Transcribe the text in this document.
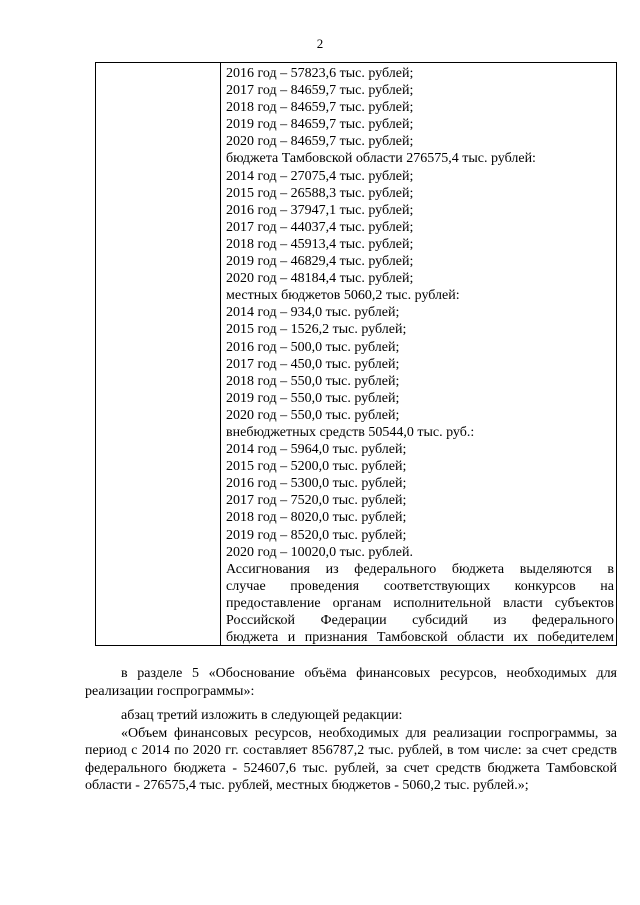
2
2016 год – 57823,6 тыс. рублей;
2017 год – 84659,7 тыс. рублей;
2018 год – 84659,7 тыс. рублей;
2019 год – 84659,7 тыс. рублей;
2020 год – 84659,7 тыс. рублей;
бюджета Тамбовской области 276575,4 тыс. рублей:
2014 год – 27075,4 тыс. рублей;
2015 год – 26588,3 тыс. рублей;
2016 год – 37947,1 тыс. рублей;
2017 год – 44037,4 тыс. рублей;
2018 год – 45913,4 тыс. рублей;
2019 год – 46829,4 тыс. рублей;
2020 год – 48184,4 тыс. рублей;
местных бюджетов 5060,2 тыс. рублей:
2014 год – 934,0 тыс. рублей;
2015 год – 1526,2 тыс. рублей;
2016 год – 500,0 тыс. рублей;
2017 год – 450,0 тыс. рублей;
2018 год – 550,0 тыс. рублей;
2019 год – 550,0 тыс. рублей;
2020 год – 550,0 тыс. рублей;
внебюджетных средств 50544,0 тыс. руб.:
2014 год – 5964,0 тыс. рублей;
2015 год – 5200,0 тыс. рублей;
2016 год – 5300,0 тыс. рублей;
2017 год – 7520,0 тыс. рублей;
2018 год – 8020,0 тыс. рублей;
2019 год – 8520,0 тыс. рублей;
2020 год – 10020,0 тыс. рублей.
Ассигнования из федерального бюджета выделяются в
случае проведения соответствующих конкурсов на
предоставление органам исполнительной власти субъектов
Российской Федерации субсидий из федерального
бюджета и признания Тамбовской области их победителем

в разделе 5 «Обоснование объёма финансовых ресурсов, необходимых для реализации госпрограммы»:

абзац третий изложить в следующей редакции:

«Объем финансовых ресурсов, необходимых для реализации госпрограммы, за период с 2014 по 2020 гг. составляет 856787,2 тыс. рублей, в том числе: за счет средств федерального бюджета - 524607,6 тыс. рублей, за счет средств бюджета Тамбовской области - 276575,4 тыс. рублей, местных бюджетов - 5060,2 тыс. рублей.»;
